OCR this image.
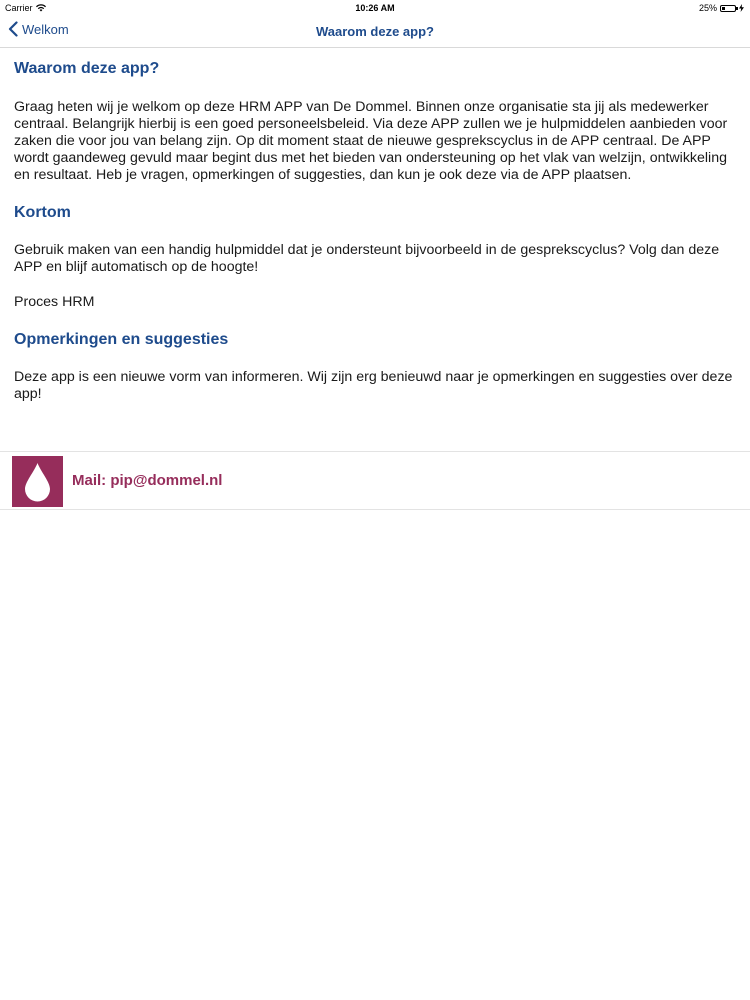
Carrier	10:26 AM	25%
Welkom	Waarom deze app?
Waarom deze app?

Graag heten wij je welkom op deze HRM APP van De Dommel. Binnen onze organisatie sta jij als medewerker centraal. Belangrijk hierbij is een goed personeelsbeleid. Via deze APP zullen we je hulpmiddelen aanbieden voor zaken die voor jou van belang zijn. Op dit moment staat de nieuwe gesprekscyclus in de APP centraal. De APP wordt gaandeweg gevuld maar begint dus met het bieden van ondersteuning op het vlak van welzijn, ontwikkeling en resultaat. Heb je vragen, opmerkingen of suggesties, dan kun je ook deze via de APP plaatsen.

Kortom

Gebruik maken van een handig hulpmiddel dat je ondersteunt bijvoorbeeld in de gesprekscyclus? Volg dan deze APP en blijf automatisch op de hoogte!

Proces HRM

Opmerkingen en suggesties

Deze app is een nieuwe vorm van informeren. Wij zijn erg benieuwd naar je opmerkingen en suggesties over deze app!

Mail: pip@dommel.nl
